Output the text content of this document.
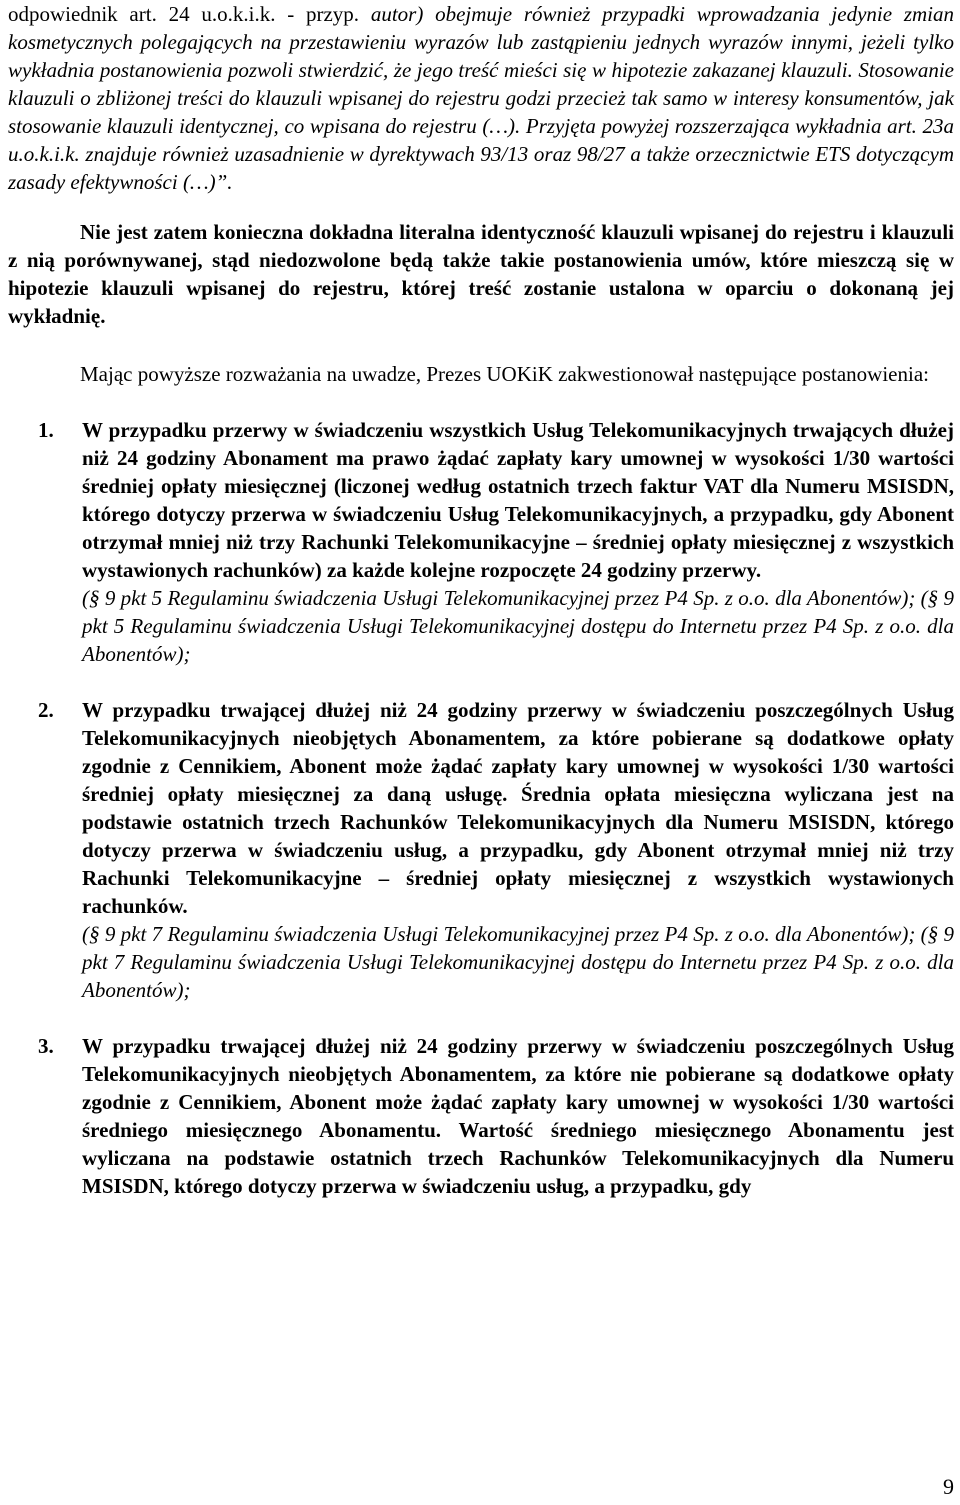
odpowiednik art. 24 u.o.k.i.k. - przyp. autor) obejmuje również przypadki wprowadzania jedynie zmian kosmetycznych polegających na przestawieniu wyrazów lub zastąpieniu jednych wyrazów innymi, jeżeli tylko wykładnia postanowienia pozwoli stwierdzić, że jego treść mieści się w hipotezie zakazanej klauzuli. Stosowanie klauzuli o zbliżonej treści do klauzuli wpisanej do rejestru godzi przecież tak samo w interesy konsumentów, jak stosowanie klauzuli identycznej, co wpisana do rejestru (…). Przyjęta powyżej rozszerzająca wykładnia art. 23a u.o.k.i.k. znajduje również uzasadnienie w dyrektywach 93/13 oraz 98/27 a także orzecznictwie ETS dotyczącym zasady efektywności (…)”.

Nie jest zatem konieczna dokładna literalna identyczność klauzuli wpisanej do rejestru i klauzuli z nią porównywanej, stąd niedozwolone będą także takie postanowienia umów, które mieszczą się w hipotezie klauzuli wpisanej do rejestru, której treść zostanie ustalona w oparciu o dokonaną jej wykładnię.

Mając powyższe rozważania na uwadze, Prezes UOKiK zakwestionował następujące postanowienia:

1. W przypadku przerwy w świadczeniu wszystkich Usług Telekomunikacyjnych trwających dłużej niż 24 godziny Abonament ma prawo żądać zapłaty kary umownej w wysokości 1/30 wartości średniej opłaty miesięcznej (liczonej według ostatnich trzech faktur VAT dla Numeru MSISDN, którego dotyczy przerwa w świadczeniu Usług Telekomunikacyjnych, a przypadku, gdy Abonent otrzymał mniej niż trzy Rachunki Telekomunikacyjne – średniej opłaty miesięcznej z wszystkich wystawionych rachunków) za każde kolejne rozpoczęte 24 godziny przerwy.

(§ 9 pkt 5 Regulaminu świadczenia Usługi Telekomunikacyjnej przez P4 Sp. z o.o. dla Abonentów); (§ 9 pkt 5 Regulaminu świadczenia Usługi Telekomunikacyjnej dostępu do Internetu przez P4 Sp. z o.o. dla Abonentów);

2. W przypadku trwającej dłużej niż 24 godziny przerwy w świadczeniu poszczególnych Usług Telekomunikacyjnych nieobjętych Abonamentem, za które pobierane są dodatkowe opłaty zgodnie z Cennikiem, Abonent może żądać zapłaty kary umownej w wysokości 1/30 wartości średniej opłaty miesięcznej za daną usługę. Średnia opłata miesięczna wyliczana jest na podstawie ostatnich trzech Rachunków Telekomunikacyjnych dla Numeru MSISDN, którego dotyczy przerwa w świadczeniu usług, a przypadku, gdy Abonent otrzymał mniej niż trzy Rachunki Telekomunikacyjne – średniej opłaty miesięcznej z wszystkich wystawionych rachunków.

(§ 9 pkt 7 Regulaminu świadczenia Usługi Telekomunikacyjnej przez P4 Sp. z o.o. dla Abonentów); (§ 9 pkt 7 Regulaminu świadczenia Usługi Telekomunikacyjnej dostępu do Internetu przez P4 Sp. z o.o. dla Abonentów);

3. W przypadku trwającej dłużej niż 24 godziny przerwy w świadczeniu poszczególnych Usług Telekomunikacyjnych nieobjętych Abonamentem, za które nie pobierane są dodatkowe opłaty zgodnie z Cennikiem, Abonent może żądać zapłaty kary umownej w wysokości 1/30 wartości średniego miesięcznego Abonamentu. Wartość średniego miesięcznego Abonamentu jest wyliczana na podstawie ostatnich trzech Rachunków Telekomunikacyjnych dla Numeru MSISDN, którego dotyczy przerwa w świadczeniu usług, a przypadku, gdy

9
